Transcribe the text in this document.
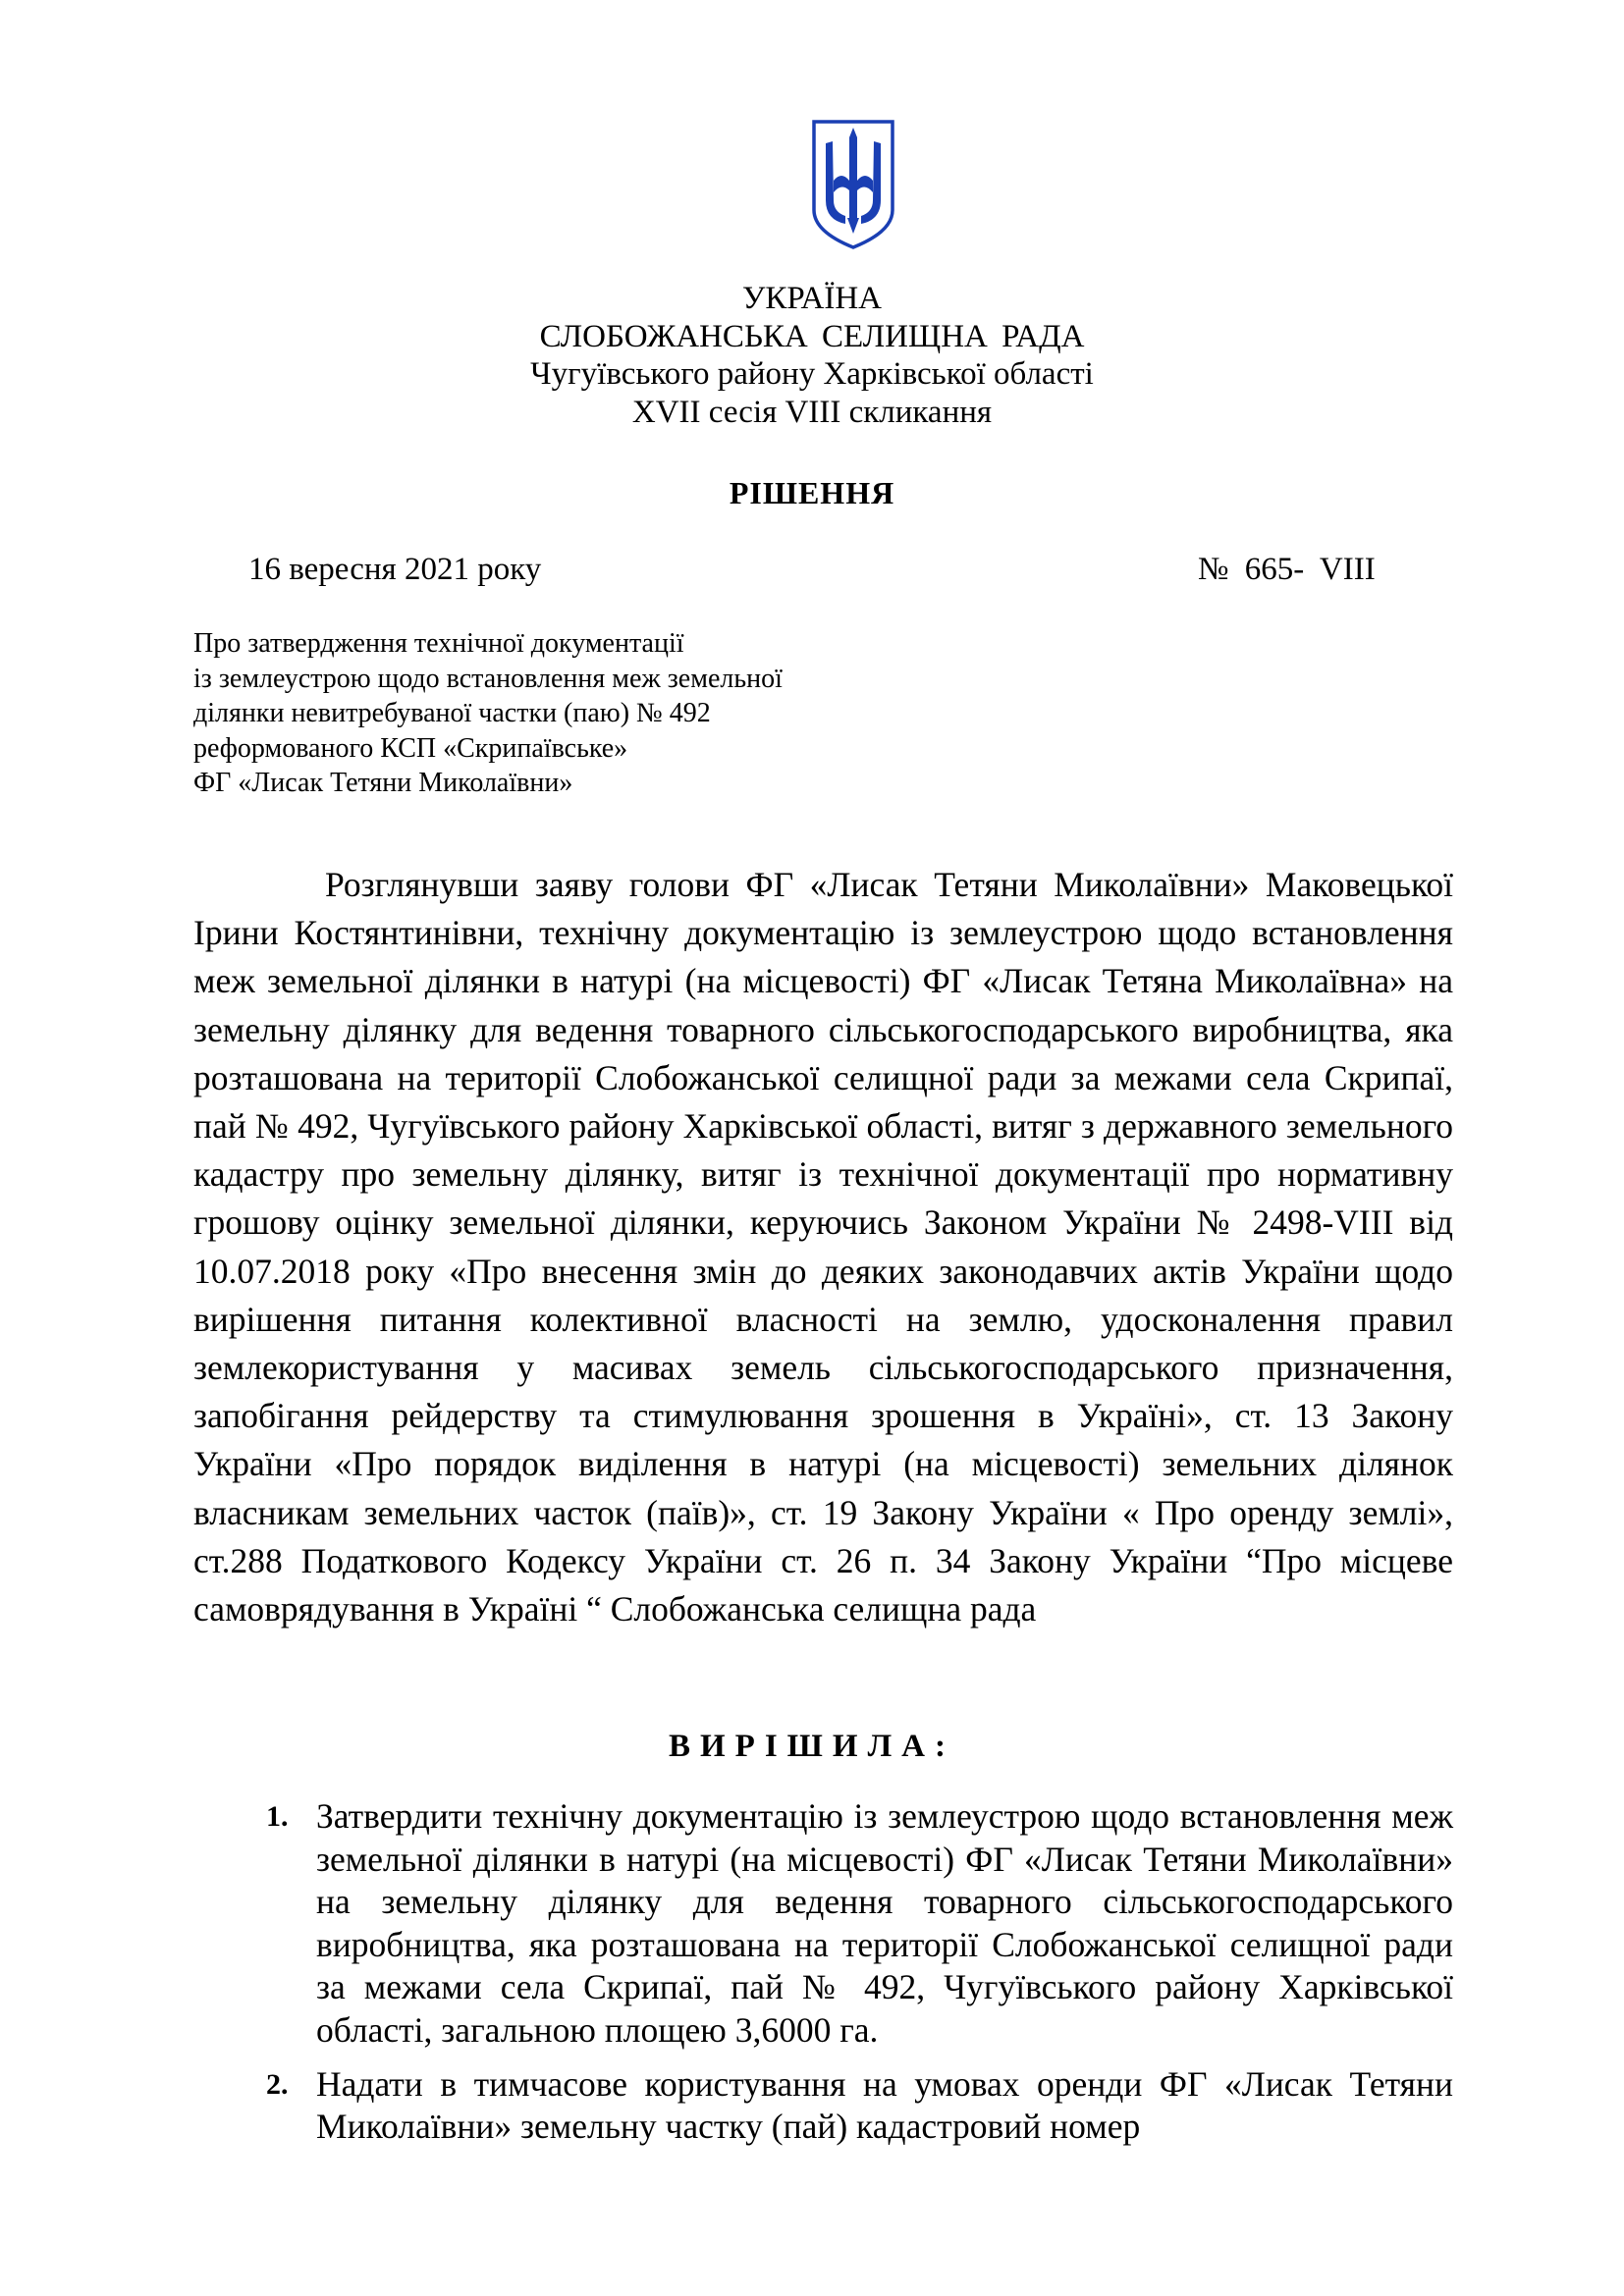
УКРАЇНА
СЛОБОЖАНСЬКА СЕЛИЩНА РАДА
Чугуївського району Харківської області
XVII сесія VIII скликання
РІШЕННЯ
16 вересня 2021 року	№ 665- VIII
Про затвердження технічної документації
із землеустрою щодо встановлення меж земельної
ділянки невитребуваної частки (паю) № 492
реформованого КСП «Скрипаївське»
ФГ «Лисак Тетяни Миколаївни»
Розглянувши заяву голови ФГ «Лисак Тетяни Миколаївни» Маковецької Ірини Костянтинівни, технічну документацію із землеустрою щодо встановлення меж земельної ділянки в натурі (на місцевості) ФГ «Лисак Тетяна Миколаївна» на земельну ділянку для ведення товарного сільськогосподарського виробництва, яка розташована на території Слобожанської селищної ради за межами села Скрипаї, пай № 492, Чугуївського району Харківської області, витяг з державного земельного кадастру про земельну ділянку, витяг із технічної документації про нормативну грошову оцінку земельної ділянки, керуючись Законом України № 2498-VIII від 10.07.2018 року «Про внесення змін до деяких законодавчих актів України щодо вирішення питання колективної власності на землю, удосконалення правил землекористування у масивах земель сільськогосподарського призначення, запобігання рейдерству та стимулювання зрошення в Україні», ст. 13 Закону України «Про порядок виділення в натурі (на місцевості) земельних ділянок власникам земельних часток (паїв)», ст. 19 Закону України « Про оренду землі», ст.288 Податкового Кодексу України ст. 26 п. 34 Закону України “Про місцеве самоврядування в Україні “ Слобожанська селищна рада
ВИРІШИЛА:
1. Затвердити технічну документацію із землеустрою щодо встановлення меж земельної ділянки в натурі (на місцевості) ФГ «Лисак Тетяни Миколаївни» на земельну ділянку для ведення товарного сільськогосподарського виробництва, яка розташована на території Слобожанської селищної ради за межами села Скрипаї, пай № 492, Чугуївського району Харківської області, загальною площею 3,6000 га.
2. Надати в тимчасове користування на умовах оренди ФГ «Лисак Тетяни Миколаївни» земельну частку (пай) кадастровий номер
